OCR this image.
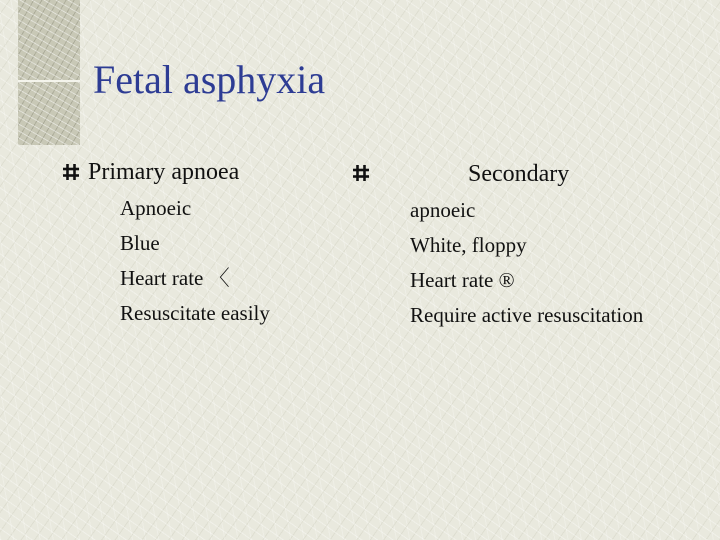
Fetal asphyxia
Primary apnoea
Apnoeic
Blue
Heart rate 〈
Resuscitate easily
Secondary
apnoeic
White, floppy
Heart rate ®
Require active resuscitation
